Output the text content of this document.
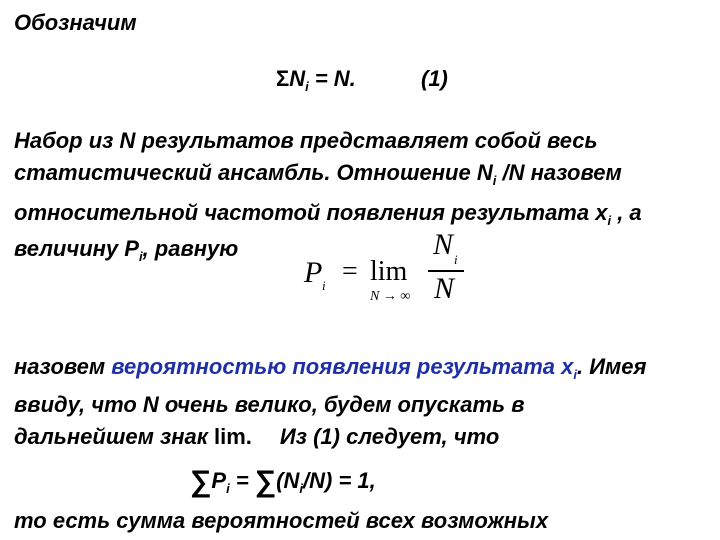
Обозначим
$\Sigma N_i = N$.	(1)
Набор из N результатов представляет собой весь
статистический ансамбль. Отношение $N_i$ /N назовем
относительной частотой появления результата $x_i$ , а
величину $P_i$, равную
P i = lim
N → ∞
N i
N
назовем вероятностью появления результата $x_i$. Имея
ввиду, что N очень велико, будем опускать в
дальнейшем знак lim. Из (1) следует, что
$\sum P_i = \sum(N_i/N) = 1$,
то есть сумма вероятностей всех возможных
